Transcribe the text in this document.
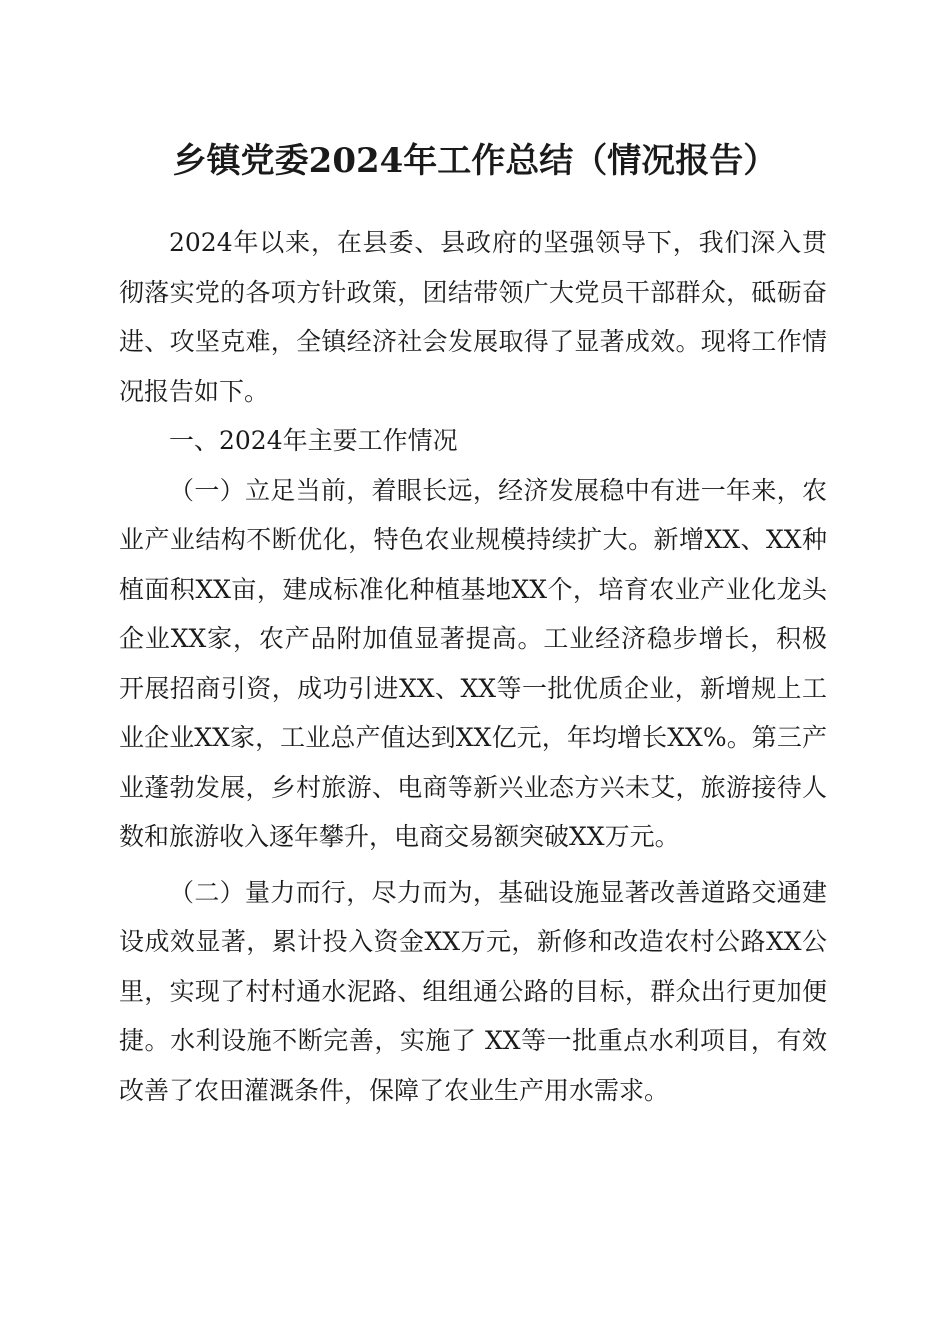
乡镇党委2024年工作总结（情况报告）

2024年以来，在县委、县政府的坚强领导下，我们深入贯彻落实党的各项方针政策，团结带领广大党员干部群众，砥砺奋进、攻坚克难，全镇经济社会发展取得了显著成效。现将工作情况报告如下。

一、2024年主要工作情况

（一）立足当前，着眼长远，经济发展稳中有进一年来，农业产业结构不断优化，特色农业规模持续扩大。新增XX、XX种植面积XX亩，建成标准化种植基地XX个，培育农业产业化龙头企业XX家，农产品附加值显著提高。工业经济稳步增长，积极开展招商引资，成功引进XX、XX等一批优质企业，新增规上工业企业XX家，工业总产值达到XX亿元，年均增长XX%。第三产业蓬勃发展，乡村旅游、电商等新兴业态方兴未艾，旅游接待人数和旅游收入逐年攀升，电商交易额突破XX万元。

（二）量力而行，尽力而为，基础设施显著改善道路交通建设成效显著，累计投入资金XX万元，新修和改造农村公路XX公里，实现了村村通水泥路、组组通公路的目标，群众出行更加便捷。水利设施不断完善，实施了 XX等一批重点水利项目，有效改善了农田灌溉条件，保障了农业生产用水需求。
